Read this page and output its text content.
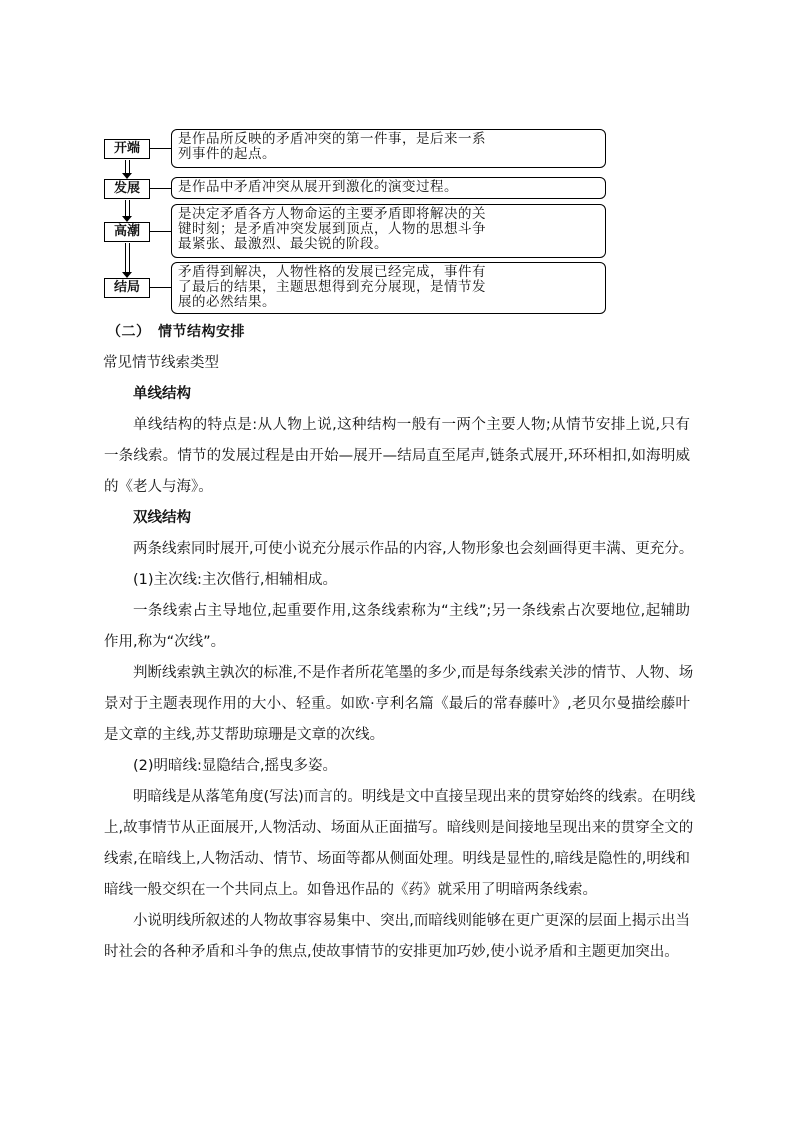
开端
是作品所反映的矛盾冲突的第一件事，是后来一系
列事件的起点。
发展	是作品中矛盾冲突从展开到激化的演变过程。
高潮
是决定矛盾各方人物命运的主要矛盾即将解决的关
键时刻；是矛盾冲突发展到顶点，人物的思想斗争
最紧张、最激烈、最尖锐的阶段。
结局
矛盾得到解决，人物性格的发展已经完成，事件有
了最后的结果，主题思想得到充分展现，是情节发
展的必然结果。
（二）　情节结构安排
常见情节线索类型
单线结构
单线结构的特点是:从人物上说,这种结构一般有一两个主要人物;从情节安排上说,只有
一条线索。情节的发展过程是由开始—展开—结局直至尾声,链条式展开,环环相扣,如海明威
的《老人与海》。
双线结构
两条线索同时展开,可使小说充分展示作品的内容,人物形象也会刻画得更丰满、更充分。
(1)主次线:主次偕行,相辅相成。
一条线索占主导地位,起重要作用,这条线索称为“主线”;另一条线索占次要地位,起辅助
作用,称为“次线”。
判断线索孰主孰次的标准,不是作者所花笔墨的多少,而是每条线索关涉的情节、人物、场
景对于主题表现作用的大小、轻重。如欧·亨利名篇《最后的常春藤叶》,老贝尔曼描绘藤叶
是文章的主线,苏艾帮助琼珊是文章的次线。
(2)明暗线:显隐结合,摇曳多姿。
明暗线是从落笔角度(写法)而言的。明线是文中直接呈现出来的贯穿始终的线索。在明线
上,故事情节从正面展开,人物活动、场面从正面描写。暗线则是间接地呈现出来的贯穿全文的
线索,在暗线上,人物活动、情节、场面等都从侧面处理。明线是显性的,暗线是隐性的,明线和
暗线一般交织在一个共同点上。如鲁迅作品的《药》就采用了明暗两条线索。
小说明线所叙述的人物故事容易集中、突出,而暗线则能够在更广更深的层面上揭示出当
时社会的各种矛盾和斗争的焦点,使故事情节的安排更加巧妙,使小说矛盾和主题更加突出。
